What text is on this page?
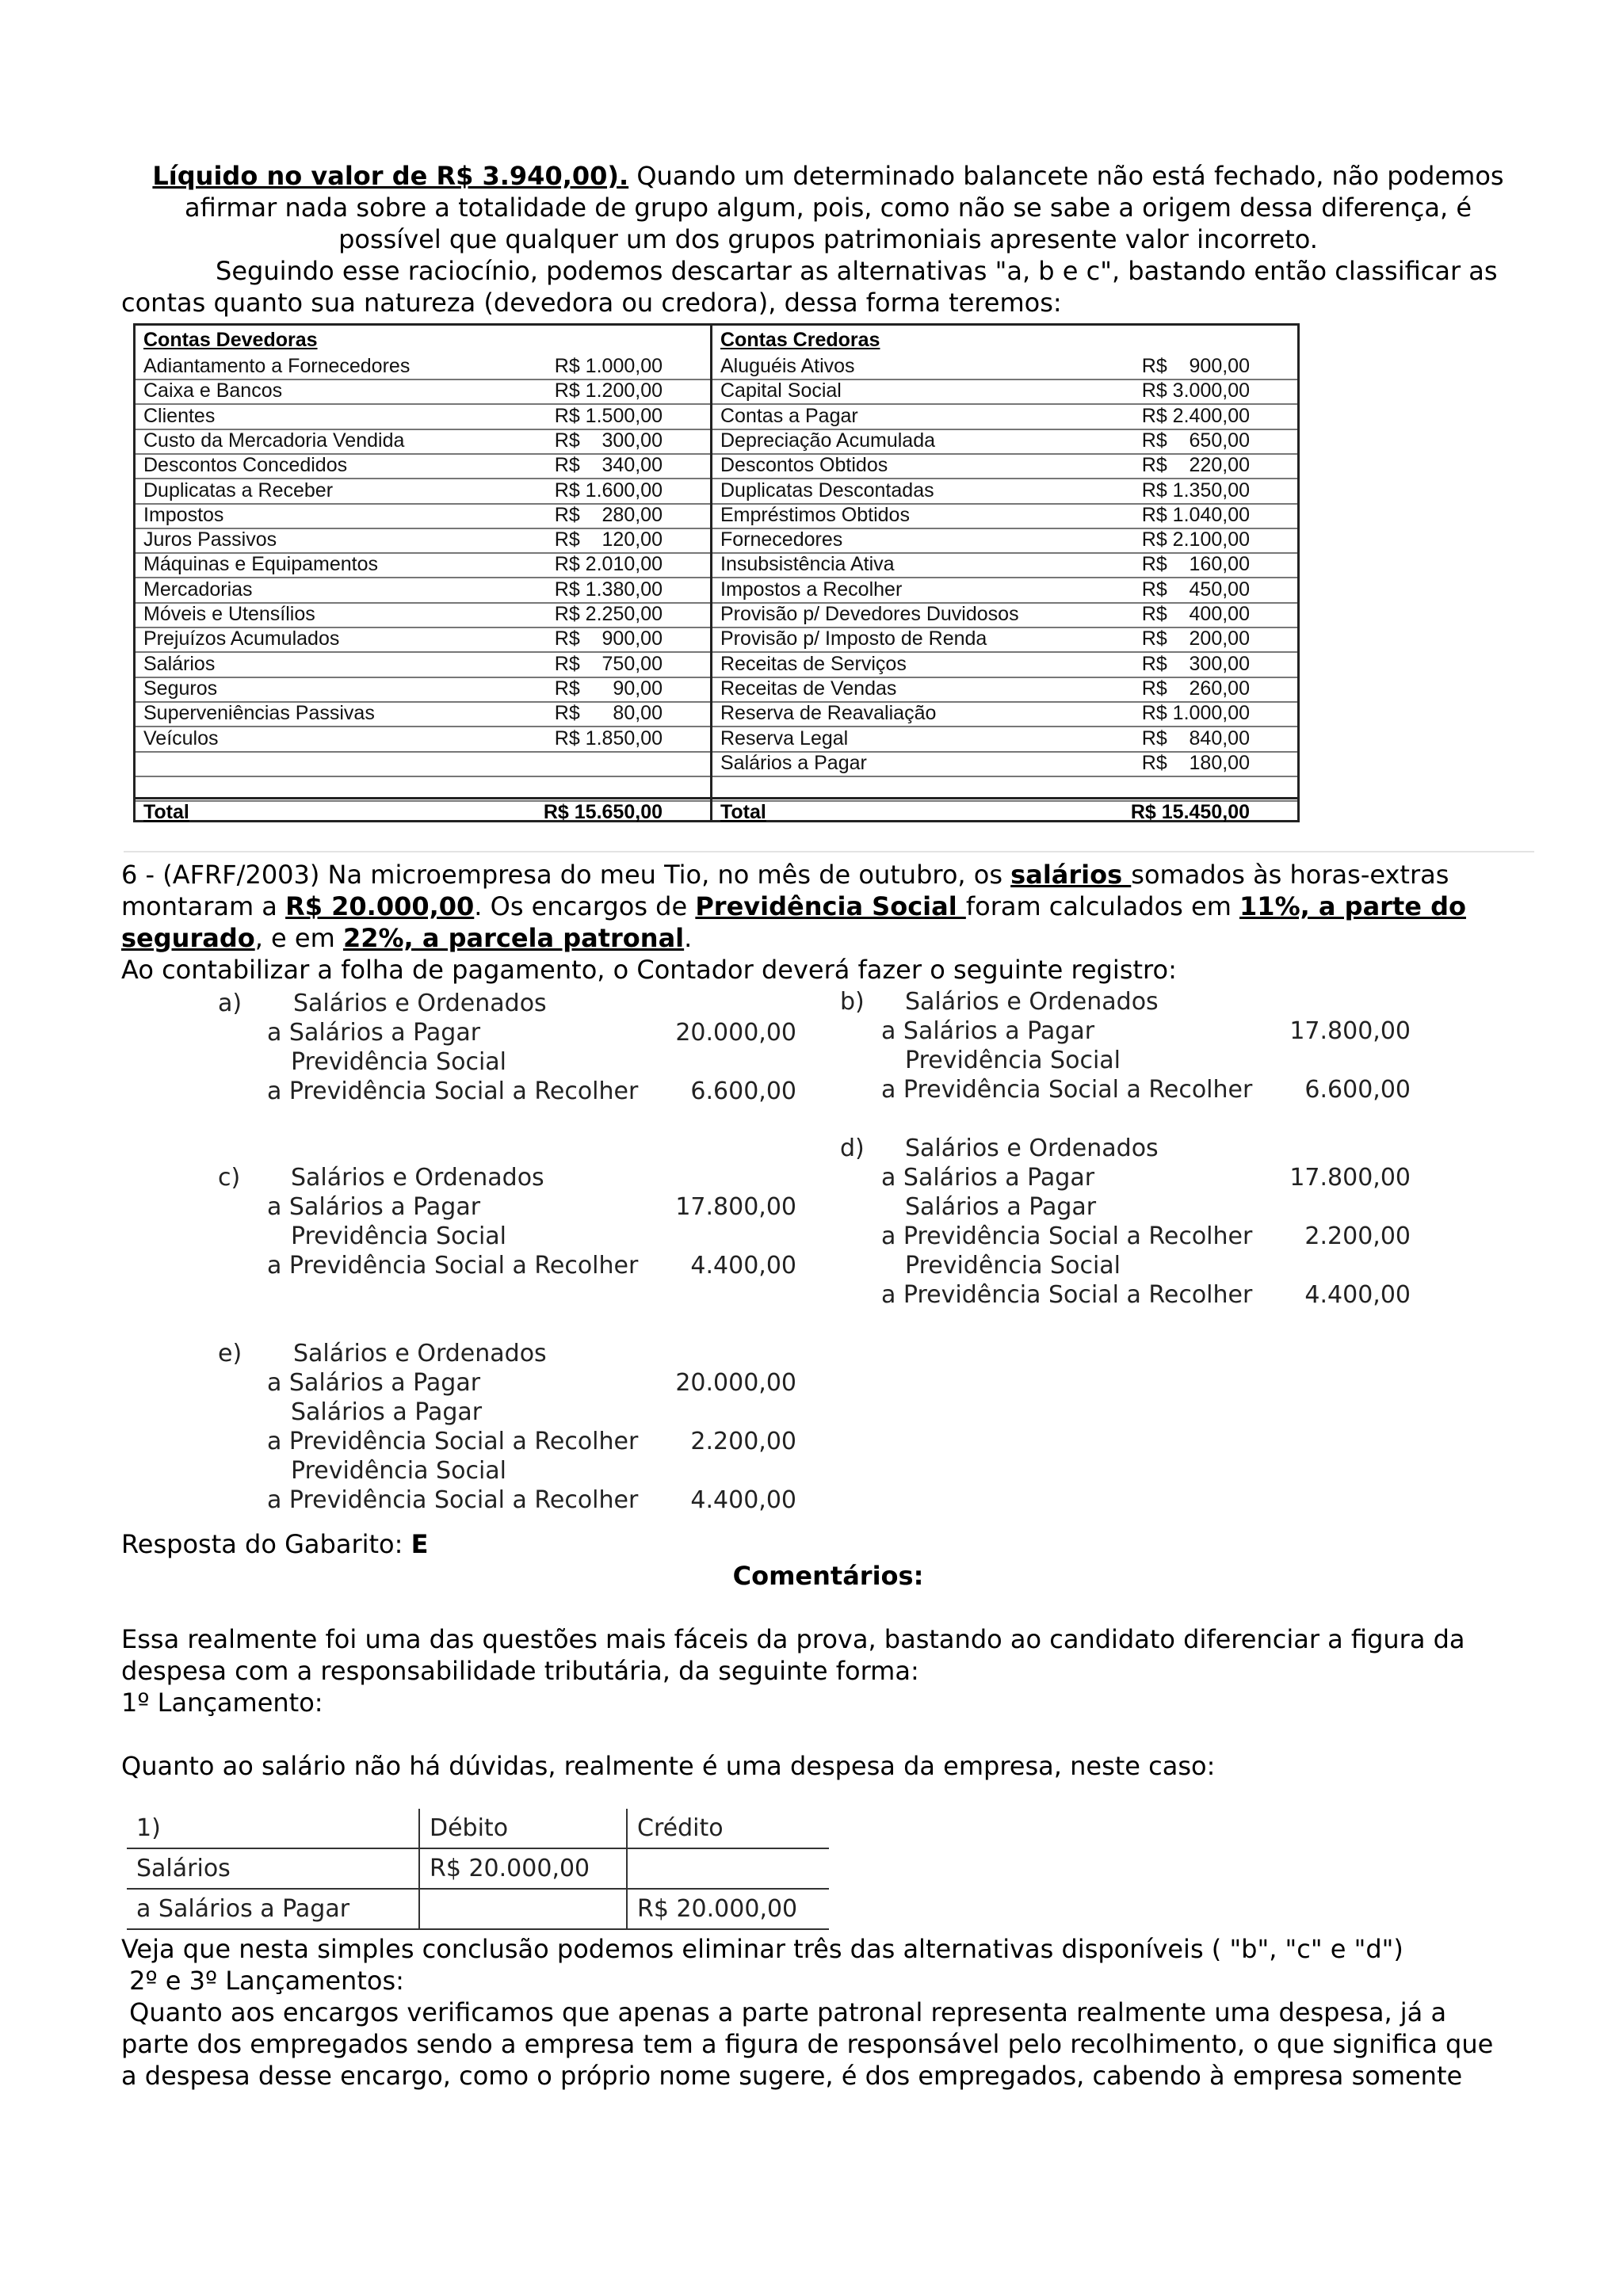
Líquido no valor de R$ 3.940,00). Quando um determinado balancete não está fechado, não podemos
afirmar nada sobre a totalidade de grupo algum, pois, como não se sabe a origem dessa diferença, é
possível que qualquer um dos grupos patrimoniais apresente valor incorreto.
Seguindo esse raciocínio, podemos descartar as alternativas "a, b e c", bastando então classificar as
contas quanto sua natureza (devedora ou credora), dessa forma teremos:
Contas Devedoras
Adiantamento a Fornecedores	R$ 1.000,00
Caixa e Bancos	R$ 1.200,00
Clientes	R$ 1.500,00
Custo da Mercadoria Vendida	R$    300,00
Descontos Concedidos	R$    340,00
Duplicatas a Receber	R$ 1.600,00
Impostos	R$    280,00
Juros Passivos	R$    120,00
Máquinas e Equipamentos	R$ 2.010,00
Mercadorias	R$ 1.380,00
Móveis e Utensílios	R$ 2.250,00
Prejuízos Acumulados	R$    900,00
Salários	R$    750,00
Seguros	R$      90,00
Superveniências Passivas	R$      80,00
Veículos	R$ 1.850,00
Contas Credoras
Aluguéis Ativos	R$    900,00
Capital Social	R$ 3.000,00
Contas a Pagar	R$ 2.400,00
Depreciação Acumulada	R$    650,00
Descontos Obtidos	R$    220,00
Duplicatas Descontadas	R$ 1.350,00
Empréstimos Obtidos	R$ 1.040,00
Fornecedores	R$ 2.100,00
Insubsistência Ativa	R$    160,00
Impostos a Recolher	R$    450,00
Provisão p/ Devedores Duvidosos	R$    400,00
Provisão p/ Imposto de Renda	R$    200,00
Receitas de Serviços	R$    300,00
Receitas de Vendas	R$    260,00
Reserva de Reavaliação	R$ 1.000,00
Reserva Legal	R$    840,00
Salários a Pagar	R$    180,00
Total	R$ 15.650,00	Total	R$ 15.450,00
6 - (AFRF/2003) Na microempresa do meu Tio, no mês de outubro, os salários somados às horas-extras
montaram a R$ 20.000,00. Os encargos de Previdência Social foram calculados em 11%, a parte do
segurado, e em 22%, a parcela patronal.
Ao contabilizar a folha de pagamento, o Contador deverá fazer o seguinte registro:
a) Salários e Ordenados
a Salários a Pagar	20.000,00
Previdência Social
a Previdência Social a Recolher 6.600,00
b) Salários e Ordenados
a Salários a Pagar	17.800,00
Previdência Social
a Previdência Social a Recolher 6.600,00
c) Salários e Ordenados
a Salários a Pagar	17.800,00
Previdência Social
a Previdência Social a Recolher 4.400,00
d) Salários e Ordenados
a Salários a Pagar	17.800,00
Salários a Pagar
a Previdência Social a Recolher 2.200,00
Previdência Social
a Previdência Social a Recolher 4.400,00
e) Salários e Ordenados
a Salários a Pagar	20.000,00
Salários a Pagar
a Previdência Social a Recolher 2.200,00
Previdência Social
a Previdência Social a Recolher 4.400,00
Resposta do Gabarito: E
Comentários:
Essa realmente foi uma das questões mais fáceis da prova, bastando ao candidato diferenciar a figura da
despesa com a responsabilidade tributária, da seguinte forma:
1º Lançamento:
Quanto ao salário não há dúvidas, realmente é uma despesa da empresa, neste caso:
1)	Débito	Crédito
Salários	R$ 20.000,00	
a Salários a Pagar		R$ 20.000,00
Veja que nesta simples conclusão podemos eliminar três das alternativas disponíveis ( "b", "c" e "d")
2º e 3º Lançamentos:
Quanto aos encargos verificamos que apenas a parte patronal representa realmente uma despesa, já a
parte dos empregados sendo a empresa tem a figura de responsável pelo recolhimento, o que significa que
a despesa desse encargo, como o próprio nome sugere, é dos empregados, cabendo à empresa somente
